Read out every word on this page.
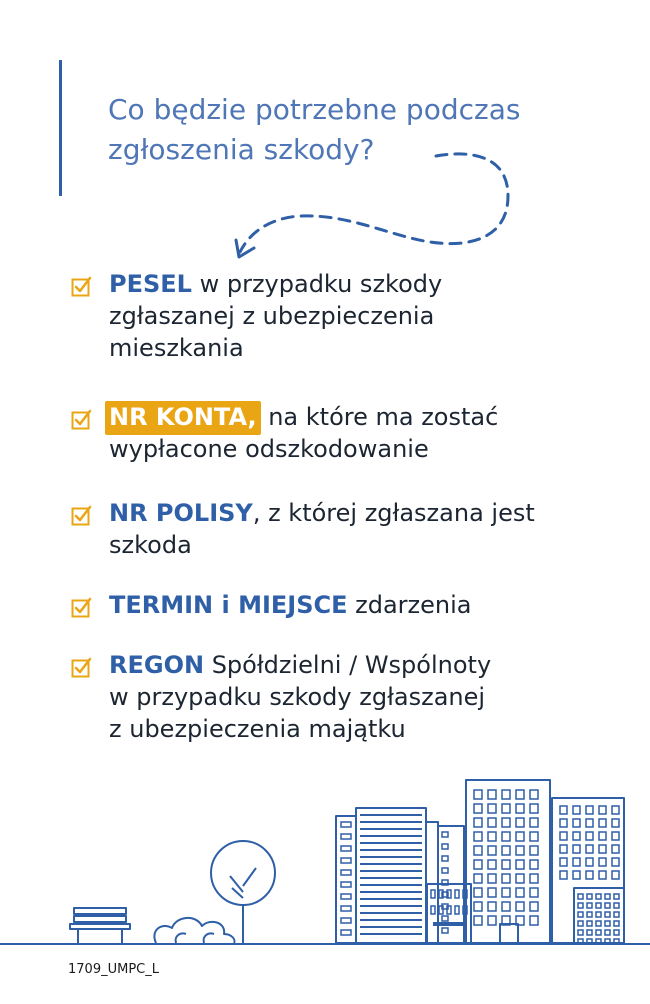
Co będzie potrzebne podczas
zgłoszenia szkody?
PESEL w przypadku szkody
zgłaszanej z ubezpieczenia
mieszkania
NR KONTA, na które ma zostać
wypłacone odszkodowanie
NR POLISY, z której zgłaszana jest
szkoda
TERMIN i MIEJSCE zdarzenia
REGON Spółdzielni / Wspólnoty
w przypadku szkody zgłaszanej
z ubezpieczenia majątku
1709_UMPC_L
